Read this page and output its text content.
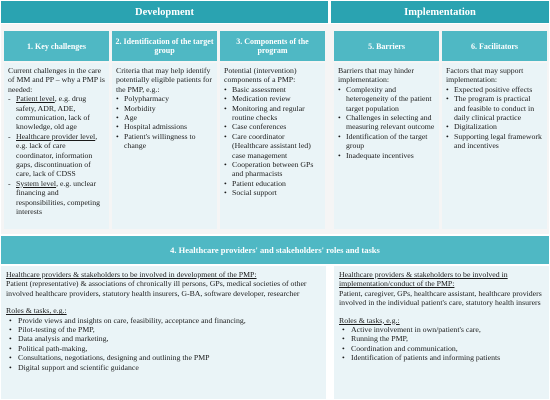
Development	Implementation
1. Key challenges	2. Identification of the target group
3. Components of the program	5. Barriers	6. Facilitators
Current challenges in the care of MM and PP – why a PMP is needed:
- Patient level, e.g. drug safety, ADR, ADE, communication, lack of knowledge, old age
- Healthcare provider level, e.g. lack of care coordinator, information gaps, discontinuation of care, lack of CDSS
- System level, e.g. unclear financing and responsibilities, competing interests
Criteria that may help identify potentially eligible patients for the PMP, e.g.:
• Polypharmacy
• Morbidity
• Age
• Hospital admissions
• Patient's willingness to change
Potential (intervention) components of a PMP:
• Basic assessment
• Medication review
• Monitoring and regular routine checks
• Case conferences
• Care coordinator (Healthcare assistant led) case management
• Cooperation between GPs and pharmacists
• Patient education
• Social support
Barriers that may hinder implementation:
• Complexity and heterogeneity of the patient target population
• Challenges in selecting and measuring relevant outcome
• Identification of the target group
• Inadequate incentives
Factors that may support implementation:
• Expected positive effects
• The program is practical and feasible to conduct in daily clinical practice
• Digitalization
• Supporting legal framework and incentives
4. Healthcare providers' and stakeholders' roles and tasks
Healthcare providers & stakeholders to be involved in development of the PMP:
Patient (representative) & associations of chronically ill persons, GPs, medical societies of other involved healthcare providers, statutory health insurers, G-BA, software developer, researcher
Roles & tasks, e.g.:
• Provide views and insights on care, feasibility, acceptance and financing,
• Pilot-testing of the PMP,
• Data analysis and marketing,
• Political path-making,
• Consultations, negotiations, designing and outlining the PMP
• Digital support and scientific guidance
Healthcare providers & stakeholders to be involved in implementation/conduct of the PMP:
Patient, caregiver, GPs, healthcare assistant, healthcare providers involved in the individual patient's care, statutory health insurers
Roles & tasks, e.g.:
• Active involvement in own/patient's care,
• Running the PMP,
• Coordination and communication,
• Identification of patients and informing patients
